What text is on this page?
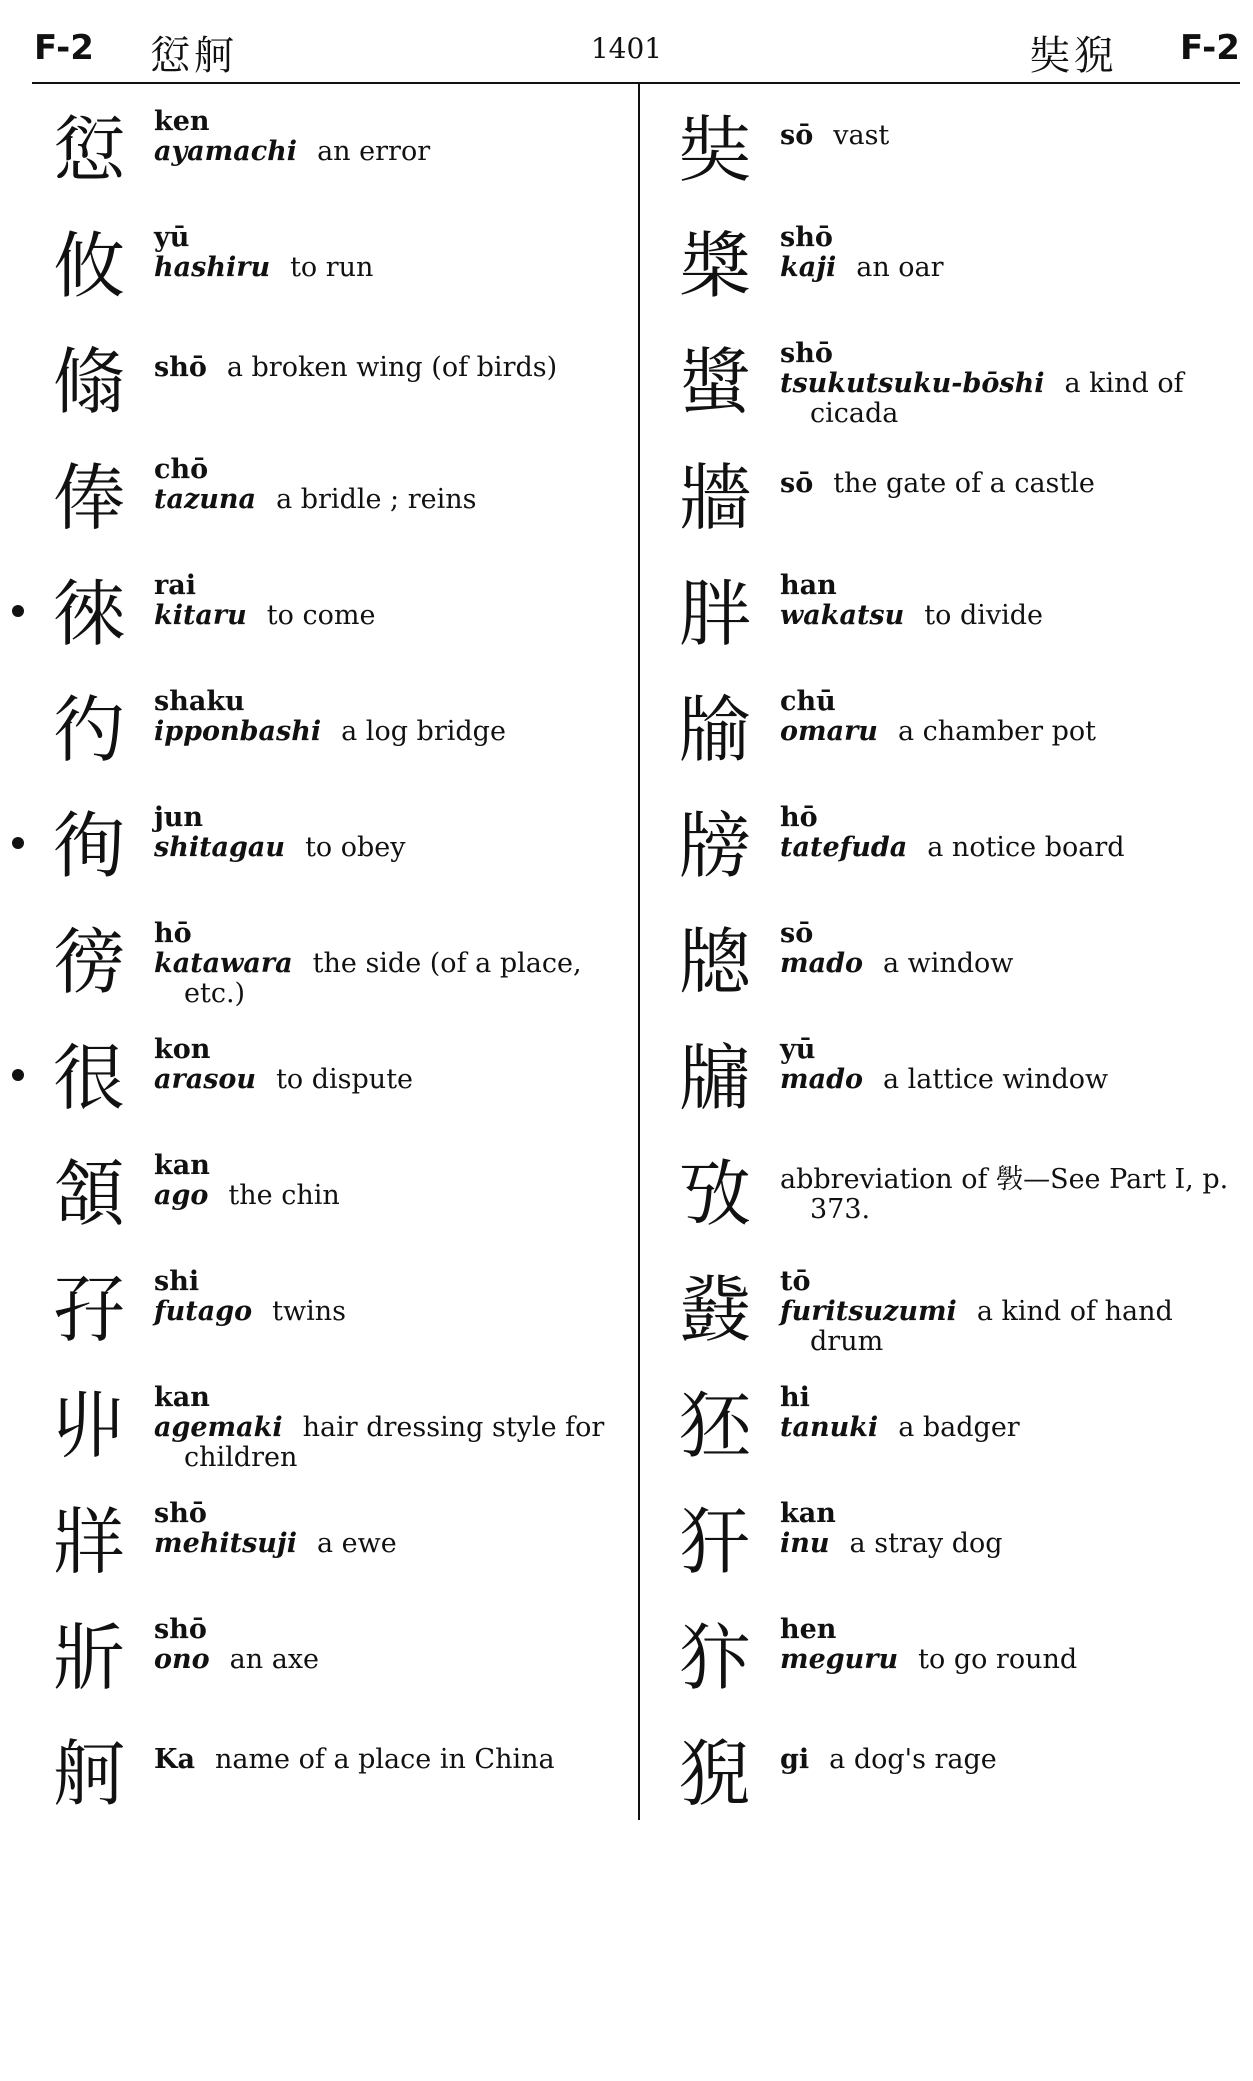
F-2 愆舸	1401	奘猊 F-2
愆	ken
ayamachi an error
攸	yū
hashiru to run
翛	shō a broken wing (of birds)
俸	chō
tazuna a bridle ; reins
徠	rai
kitaru to come
彴	shaku
ipponbashi a log bridge
徇	jun
shitagau to obey
徬	hō
katawara the side (of a place,
etc.)
很	kon
arasou to dispute
頷	kan
ago the chin
孖	shi
futago twins
丱	kan
agemaki hair dressing style for
children
牂	shō
mehitsuji a ewe
斨	shō
ono an axe
舸	Ka name of a place in China
奘	sō vast
槳	shō
kaji an oar
螿	shō
tsukutsuku-bōshi a kind of
cicada
牆	sō the gate of a castle
胖	han
wakatsu to divide
牏	chū
omaru a chamber pot
牓	hō
tatefuda a notice board
牕	sō
mado a window
牖	yū
mado a lattice window
攷	abbreviation of 斅—See Part I, p.
373.
鼗	tō
furitsuzumi a kind of hand
drum
狉	hi
tanuki a badger
犴	kan
inu a stray dog
犿	hen
meguru to go round
猊	gi a dog's rage
